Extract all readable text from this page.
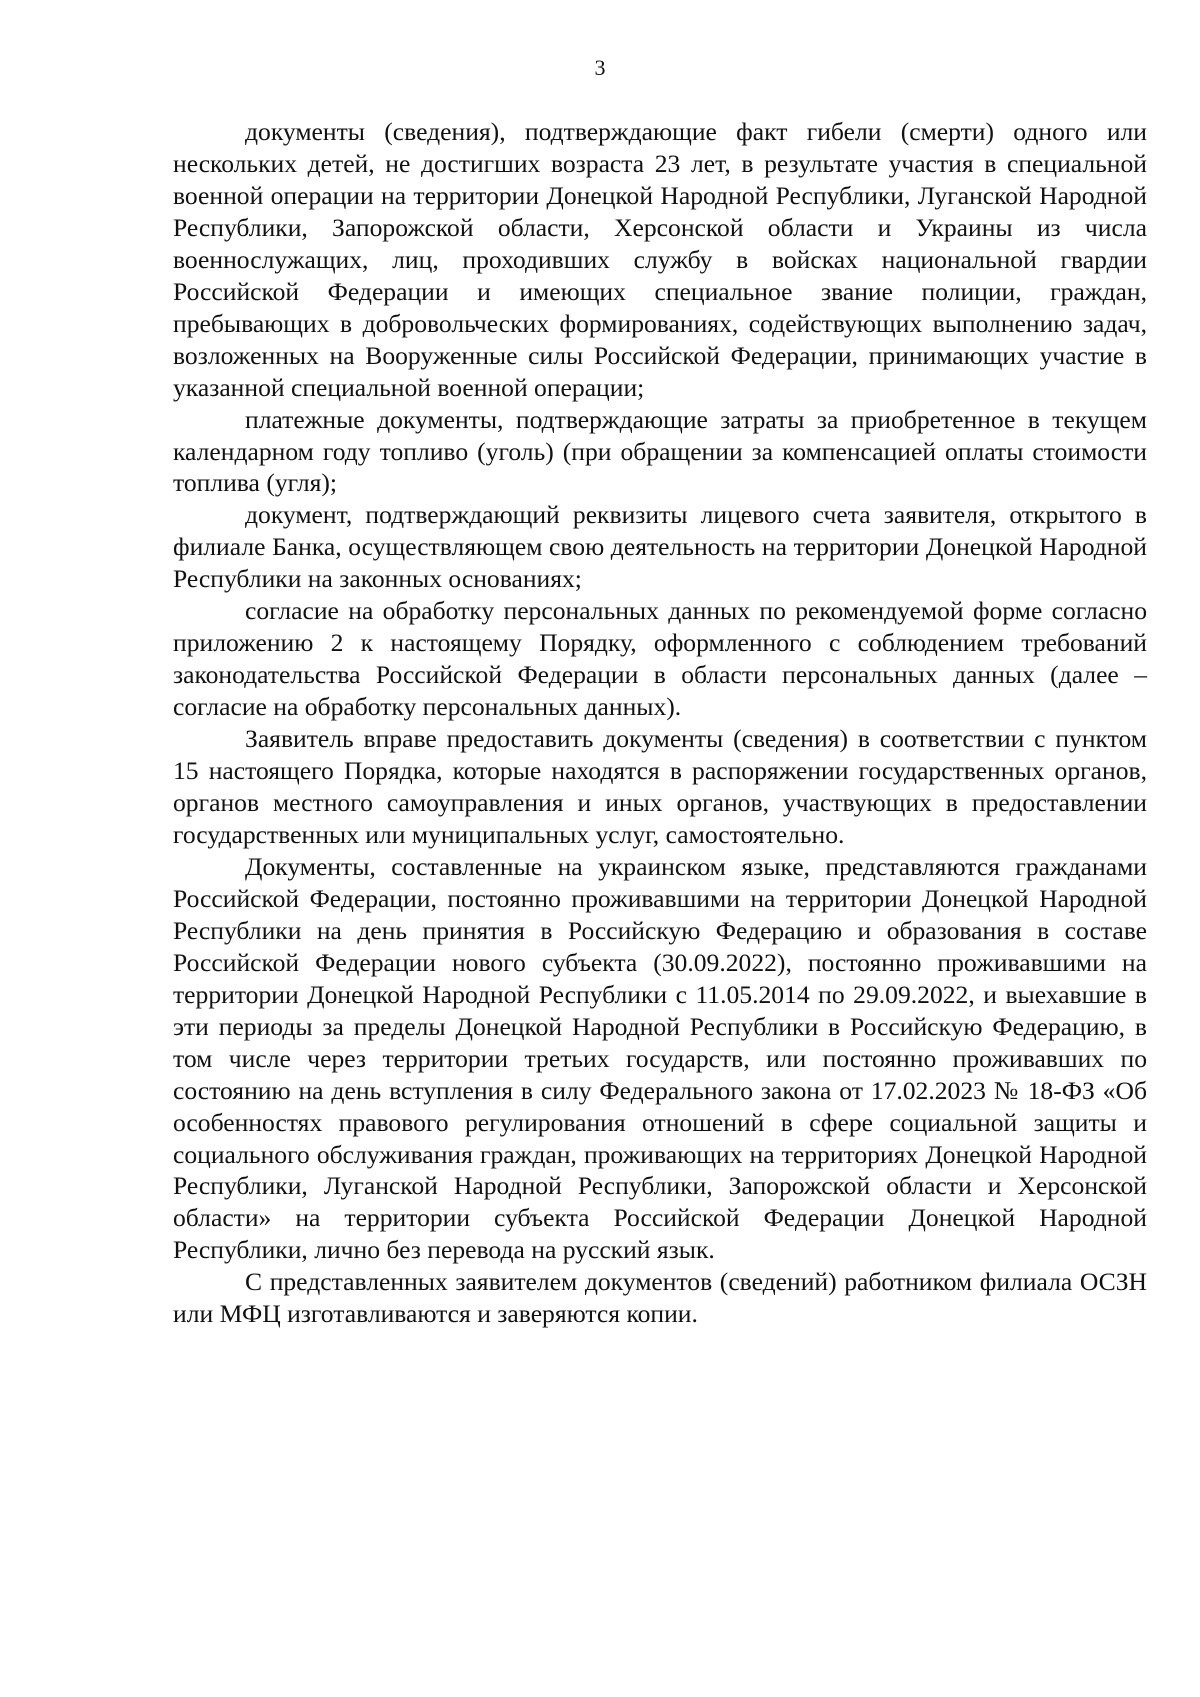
3

документы (сведения), подтверждающие факт гибели (смерти) одного или нескольких детей, не достигших возраста 23 лет, в результате участия в специальной военной операции на территории Донецкой Народной Республики, Луганской Народной Республики, Запорожской области, Херсонской области и Украины из числа военнослужащих, лиц, проходивших службу в войсках национальной гвардии Российской Федерации и имеющих специальное звание полиции, граждан, пребывающих в добровольческих формированиях, содействующих выполнению задач, возложенных на Вооруженные силы Российской Федерации, принимающих участие в указанной специальной военной операции;

платежные документы, подтверждающие затраты за приобретенное в текущем календарном году топливо (уголь) (при обращении за компенсацией оплаты стоимости топлива (угля);

документ, подтверждающий реквизиты лицевого счета заявителя, открытого в филиале Банка, осуществляющем свою деятельность на территории Донецкой Народной Республики на законных основаниях;

согласие на обработку персональных данных по рекомендуемой форме согласно приложению 2 к настоящему Порядку, оформленного с соблюдением требований законодательства Российской Федерации в области персональных данных (далее – согласие на обработку персональных данных).

Заявитель вправе предоставить документы (сведения) в соответствии с пунктом 15 настоящего Порядка, которые находятся в распоряжении государственных органов, органов местного самоуправления и иных органов, участвующих в предоставлении государственных или муниципальных услуг, самостоятельно.

Документы, составленные на украинском языке, представляются гражданами Российской Федерации, постоянно проживавшими на территории Донецкой Народной Республики на день принятия в Российскую Федерацию и образования в составе Российской Федерации нового субъекта (30.09.2022), постоянно проживавшими на территории Донецкой Народной Республики с 11.05.2014 по 29.09.2022, и выехавшие в эти периоды за пределы Донецкой Народной Республики в Российскую Федерацию, в том числе через территории третьих государств, или постоянно проживавших по состоянию на день вступления в силу Федерального закона от 17.02.2023 № 18-ФЗ «Об особенностях правового регулирования отношений в сфере социальной защиты и социального обслуживания граждан, проживающих на территориях Донецкой Народной Республики, Луганской Народной Республики, Запорожской области и Херсонской области» на территории субъекта Российской Федерации Донецкой Народной Республики, лично без перевода на русский язык.

С представленных заявителем документов (сведений) работником филиала ОСЗН или МФЦ изготавливаются и заверяются копии.
